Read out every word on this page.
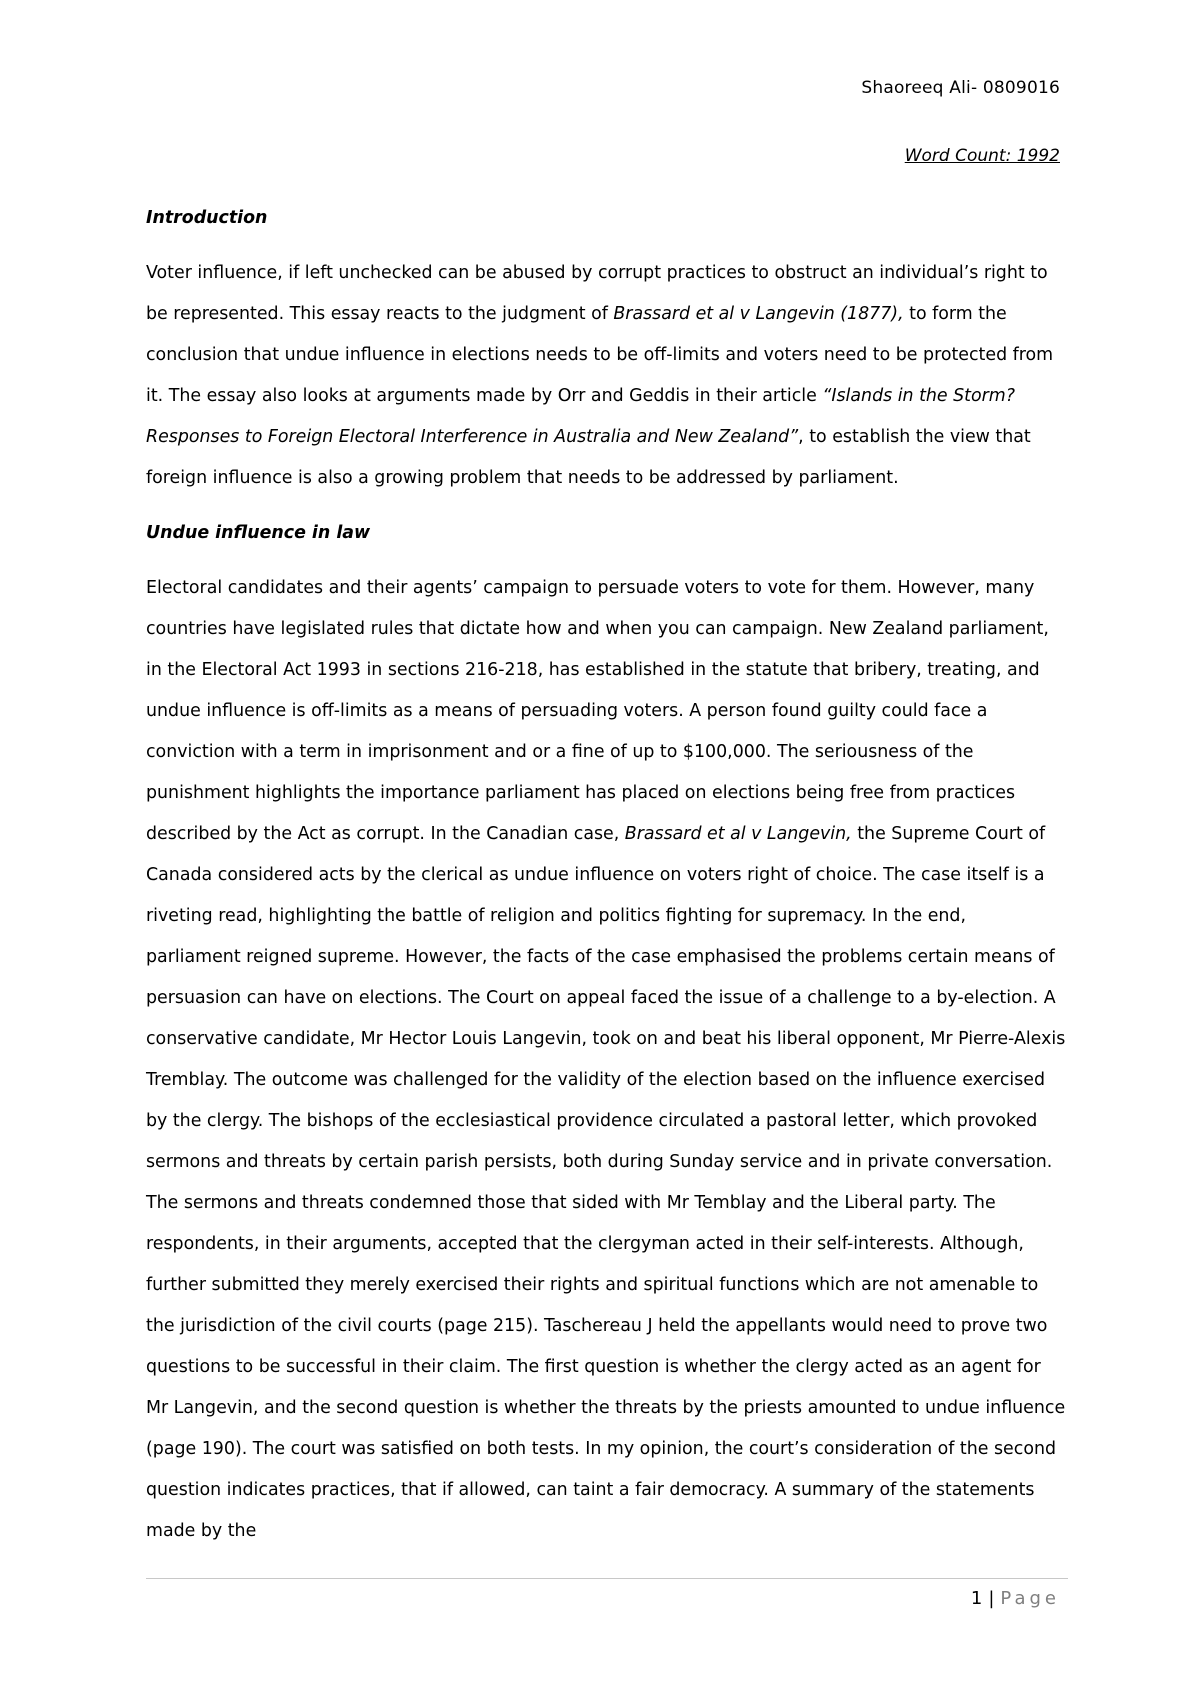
Shaoreeq Ali- 0809016
Word Count: 1992

Introduction

Voter influence, if left unchecked can be abused by corrupt practices to obstruct an individual’s right to be represented. This essay reacts to the judgment of Brassard et al v Langevin (1877), to form the conclusion that undue influence in elections needs to be off-limits and voters need to be protected from it. The essay also looks at arguments made by Orr and Geddis in their article “Islands in the Storm? Responses to Foreign Electoral Interference in Australia and New Zealand”, to establish the view that foreign influence is also a growing problem that needs to be addressed by parliament.

Undue influence in law

Electoral candidates and their agents’ campaign to persuade voters to vote for them. However, many countries have legislated rules that dictate how and when you can campaign. New Zealand parliament, in the Electoral Act 1993 in sections 216-218, has established in the statute that bribery, treating, and undue influence is off-limits as a means of persuading voters. A person found guilty could face a conviction with a term in imprisonment and or a fine of up to $100,000. The seriousness of the punishment highlights the importance parliament has placed on elections being free from practices described by the Act as corrupt. In the Canadian case, Brassard et al v Langevin, the Supreme Court of Canada considered acts by the clerical as undue influence on voters right of choice. The case itself is a riveting read, highlighting the battle of religion and politics fighting for supremacy. In the end, parliament reigned supreme. However, the facts of the case emphasised the problems certain means of persuasion can have on elections. The Court on appeal faced the issue of a challenge to a by-election. A conservative candidate, Mr Hector Louis Langevin, took on and beat his liberal opponent, Mr Pierre-Alexis Tremblay. The outcome was challenged for the validity of the election based on the influence exercised by the clergy. The bishops of the ecclesiastical providence circulated a pastoral letter, which provoked sermons and threats by certain parish persists, both during Sunday service and in private conversation. The sermons and threats condemned those that sided with Mr Temblay and the Liberal party. The respondents, in their arguments, accepted that the clergyman acted in their self-interests. Although, further submitted they merely exercised their rights and spiritual functions which are not amenable to the jurisdiction of the civil courts (page 215). Taschereau J held the appellants would need to prove two questions to be successful in their claim. The first question is whether the clergy acted as an agent for Mr Langevin, and the second question is whether the threats by the priests amounted to undue influence (page 190). The court was satisfied on both tests. In my opinion, the court’s consideration of the second question indicates practices, that if allowed, can taint a fair democracy. A summary of the statements made by the

1 | Page
